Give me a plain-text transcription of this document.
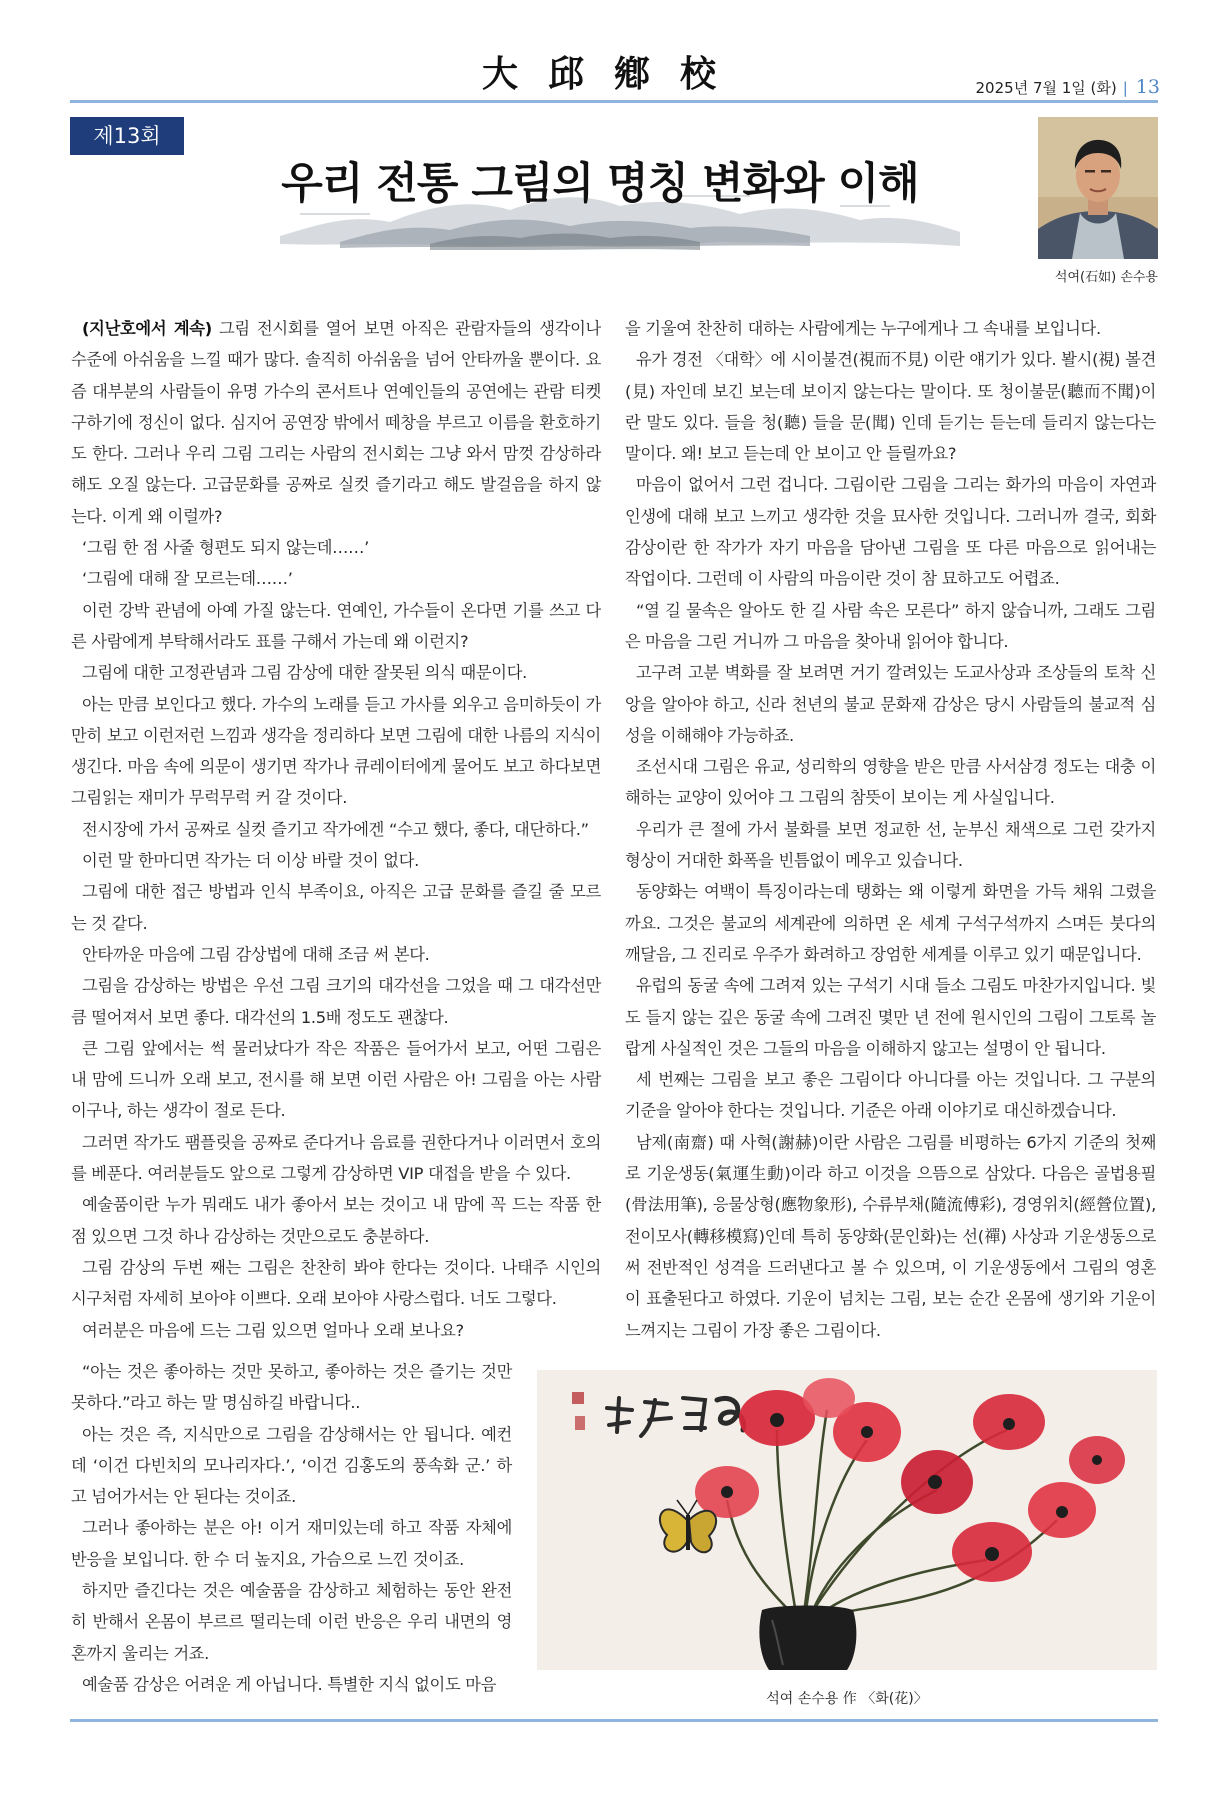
大邱鄕校	2025년 7월 1일 (화) | 13
제13회
우리 전통 그림의 명칭 변화와 이해
석여(石如) 손수용

(지난호에서 계속) 그림 전시회를 열어 보면 아직은 관람자들의 생각이나 수준에 아쉬움을 느낄 때가 많다. 솔직히 아쉬움을 넘어 안타까울 뿐이다. 요즘 대부분의 사람들이 유명 가수의 콘서트나 연예인들의 공연에는 관람 티켓 구하기에 정신이 없다. 심지어 공연장 밖에서 떼창을 부르고 이름을 환호하기도 한다. 그러나 우리 그림 그리는 사람의 전시회는 그냥 와서 맘껏 감상하라 해도 오질 않는다. 고급문화를 공짜로 실컷 즐기라고 해도 발걸음을 하지 않는다. 이게 왜 이럴까?

‘그림 한 점 사줄 형편도 되지 않는데……’

‘그림에 대해 잘 모르는데……’

이런 강박 관념에 아예 가질 않는다. 연예인, 가수들이 온다면 기를 쓰고 다른 사람에게 부탁해서라도 표를 구해서 가는데 왜 이런지?

그림에 대한 고정관념과 그림 감상에 대한 잘못된 의식 때문이다.

아는 만큼 보인다고 했다. 가수의 노래를 듣고 가사를 외우고 음미하듯이 가만히 보고 이런저런 느낌과 생각을 정리하다 보면 그림에 대한 나름의 지식이 생긴다. 마음 속에 의문이 생기면 작가나 큐레이터에게 물어도 보고 하다보면 그림읽는 재미가 무럭무럭 커 갈 것이다.

전시장에 가서 공짜로 실컷 즐기고 작가에겐 “수고 했다, 좋다, 대단하다.”

이런 말 한마디면 작가는 더 이상 바랄 것이 없다.

그림에 대한 접근 방법과 인식 부족이요, 아직은 고급 문화를 즐길 줄 모르는 것 같다.

안타까운 마음에 그림 감상법에 대해 조금 써 본다.

그림을 감상하는 방법은 우선 그림 크기의 대각선을 그었을 때 그 대각선만큼 떨어져서 보면 좋다. 대각선의 1.5배 정도도 괜찮다.

큰 그림 앞에서는 썩 물러났다가 작은 작품은 들어가서 보고, 어떤 그림은 내 맘에 드니까 오래 보고, 전시를 해 보면 이런 사람은 아! 그림을 아는 사람이구나, 하는 생각이 절로 든다.

그러면 작가도 팸플릿을 공짜로 준다거나 음료를 권한다거나 이러면서 호의를 베푼다. 여러분들도 앞으로 그렇게 감상하면 VIP 대접을 받을 수 있다.

예술품이란 누가 뭐래도 내가 좋아서 보는 것이고 내 맘에 꼭 드는 작품 한 점 있으면 그것 하나 감상하는 것만으로도 충분하다.

그림 감상의 두번 째는 그림은 찬찬히 봐야 한다는 것이다. 나태주 시인의 시구처럼 자세히 보아야 이쁘다. 오래 보아야 사랑스럽다. 너도 그렇다.

여러분은 마음에 드는 그림 있으면 얼마나 오래 보나요?

“아는 것은 좋아하는 것만 못하고, 좋아하는 것은 즐기는 것만 못하다.”라고 하는 말 명심하길 바랍니다..

아는 것은 즉, 지식만으로 그림을 감상해서는 안 됩니다. 예컨데 ‘이건 다빈치의 모나리자다.’, ‘이건 김홍도의 풍속화 군.’ 하고 넘어가서는 안 된다는 것이죠.

그러나 좋아하는 분은 아! 이거 재미있는데 하고 작품 자체에 반응을 보입니다. 한 수 더 높지요, 가슴으로 느낀 것이죠.

하지만 즐긴다는 것은 예술품을 감상하고 체험하는 동안 완전히 반해서 온몸이 부르르 떨리는데 이런 반응은 우리 내면의 영혼까지 울리는 거죠.

예술품 감상은 어려운 게 아닙니다. 특별한 지식 없이도 마음

을 기울여 찬찬히 대하는 사람에게는 누구에게나 그 속내를 보입니다.

유가 경전 〈대학〉에 시이불견(視而不見) 이란 얘기가 있다. 봘시(視) 볼견(見) 자인데 보긴 보는데 보이지 않는다는 말이다. 또 청이불문(聽而不聞)이란 말도 있다. 들을 청(聽) 들을 문(聞) 인데 듣기는 듣는데 들리지 않는다는 말이다. 왜! 보고 듣는데 안 보이고 안 들릴까요?

마음이 없어서 그런 겁니다. 그림이란 그림을 그리는 화가의 마음이 자연과 인생에 대해 보고 느끼고 생각한 것을 묘사한 것입니다. 그러니까 결국, 회화 감상이란 한 작가가 자기 마음을 담아낸 그림을 또 다른 마음으로 읽어내는 작업이다. 그런데 이 사람의 마음이란 것이 참 묘하고도 어렵죠.

“열 길 물속은 알아도 한 길 사람 속은 모른다” 하지 않습니까, 그래도 그림은 마음을 그린 거니까 그 마음을 찾아내 읽어야 합니다.

고구려 고분 벽화를 잘 보려면 거기 깔려있는 도교사상과 조상들의 토착 신앙을 알아야 하고, 신라 천년의 불교 문화재 감상은 당시 사람들의 불교적 심성을 이해해야 가능하죠.

조선시대 그림은 유교, 성리학의 영향을 받은 만큼 사서삼경 정도는 대충 이해하는 교양이 있어야 그 그림의 참뜻이 보이는 게 사실입니다.

우리가 큰 절에 가서 불화를 보면 정교한 선, 눈부신 채색으로 그런 갖가지 형상이 거대한 화폭을 빈틈없이 메우고 있습니다.

동양화는 여백이 특징이라는데 탱화는 왜 이렇게 화면을 가득 채워 그렸을까요. 그것은 불교의 세계관에 의하면 온 세계 구석구석까지 스며든 붓다의 깨달음, 그 진리로 우주가 화려하고 장엄한 세계를 이루고 있기 때문입니다.

유럽의 동굴 속에 그려져 있는 구석기 시대 들소 그림도 마찬가지입니다. 빛도 들지 않는 깊은 동굴 속에 그려진 몇만 년 전에 원시인의 그림이 그토록 놀랍게 사실적인 것은 그들의 마음을 이해하지 않고는 설명이 안 됩니다.

세 번째는 그림을 보고 좋은 그림이다 아니다를 아는 것입니다. 그 구분의 기준을 알아야 한다는 것입니다. 기준은 아래 이야기로 대신하겠습니다.

남제(南齋) 때 사혁(謝赫)이란 사람은 그림를 비평하는 6가지 기준의 첫째로 기운생동(氣運生動)이라 하고 이것을 으뜸으로 삼았다. 다음은 골법용필(骨法用筆), 응물상형(應物象形), 수류부채(隨流傅彩), 경영위치(經營位置), 전이모사(轉移模寫)인데 특히 동양화(문인화)는 선(禪) 사상과 기운생동으로써 전반적인 성격을 드러낸다고 볼 수 있으며, 이 기운생동에서 그림의 영혼이 표출된다고 하였다. 기운이 넘치는 그림, 보는 순간 온몸에 생기와 기운이 느껴지는 그림이 가장 좋은 그림이다.

석여 손수용 作 〈화(花)〉
